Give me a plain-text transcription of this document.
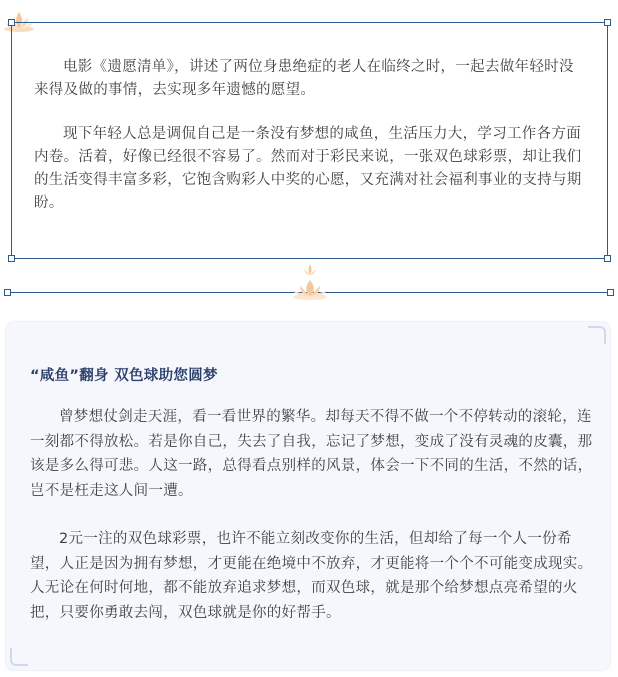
电影《遗愿清单》，讲述了两位身患绝症的老人在临终之时，一起去做年轻时没来得及做的事情，去实现多年遗憾的愿望。

现下年轻人总是调侃自己是一条没有梦想的咸鱼，生活压力大，学习工作各方面内卷。活着，好像已经很不容易了。然而对于彩民来说，一张双色球彩票，却让我们的生活变得丰富多彩，它饱含购彩人中奖的心愿，又充满对社会福利事业的支持与期盼。

“咸鱼”翻身 双色球助您圆梦

曾梦想仗剑走天涯，看一看世界的繁华。却每天不得不做一个不停转动的滚轮，连一刻都不得放松。若是你自己，失去了自我，忘记了梦想，变成了没有灵魂的皮囊，那该是多么得可悲。人这一路，总得看点别样的风景，体会一下不同的生活，不然的话，岂不是枉走这人间一遭。

2元一注的双色球彩票，也许不能立刻改变你的生活，但却给了每一个人一份希望，人正是因为拥有梦想，才更能在绝境中不放弃，才更能将一个个不可能变成现实。人无论在何时何地，都不能放弃追求梦想，而双色球，就是那个给梦想点亮希望的火把，只要你勇敢去闯，双色球就是你的好帮手。
